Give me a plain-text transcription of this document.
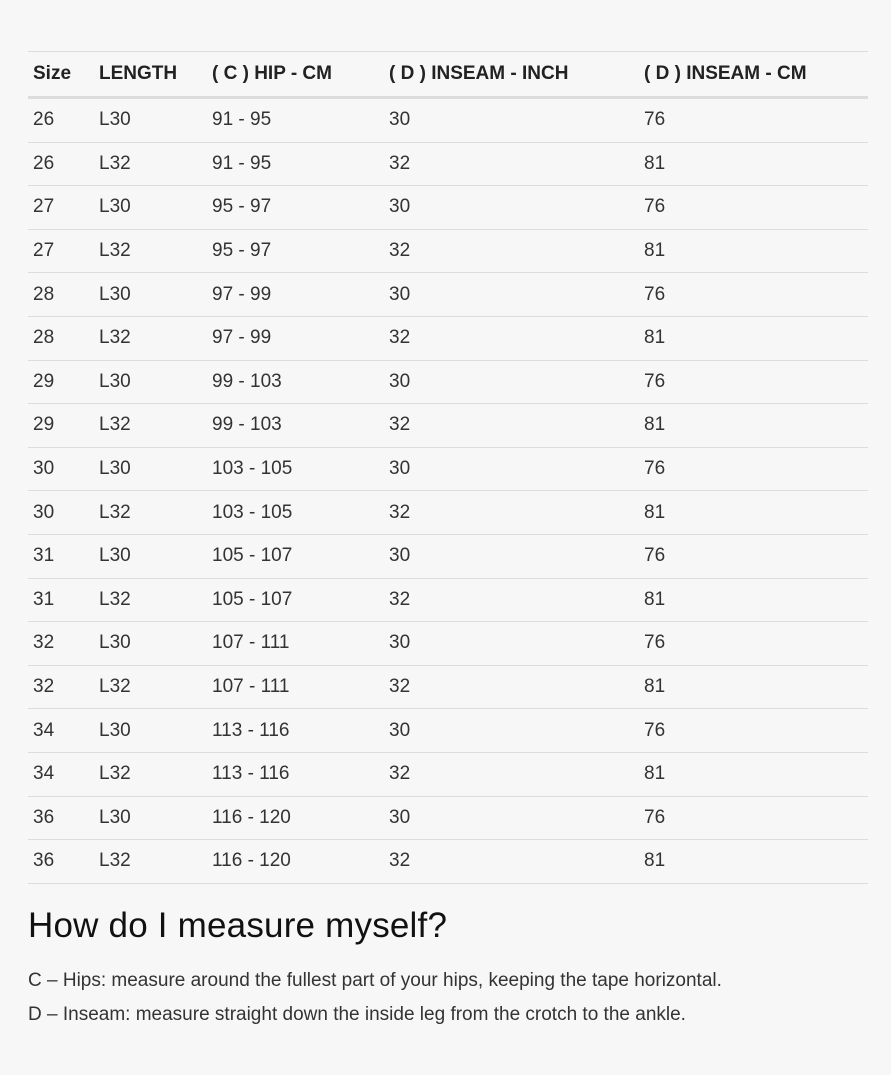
Size	LENGTH	( C ) HIP - CM	( D ) INSEAM - INCH	( D ) INSEAM - CM
26	L30	91 - 95	30	76
26	L32	91 - 95	32	81
27	L30	95 - 97	30	76
27	L32	95 - 97	32	81
28	L30	97 - 99	30	76
28	L32	97 - 99	32	81
29	L30	99 - 103	30	76
29	L32	99 - 103	32	81
30	L30	103 - 105	30	76
30	L32	103 - 105	32	81
31	L30	105 - 107	30	76
31	L32	105 - 107	32	81
32	L30	107 - 111	30	76
32	L32	107 - 111	32	81
34	L30	113 - 116	30	76
34	L32	113 - 116	32	81
36	L30	116 - 120	30	76
36	L32	116 - 120	32	81
How do I measure myself?

C – Hips: measure around the fullest part of your hips, keeping the tape horizontal.

D – Inseam: measure straight down the inside leg from the crotch to the ankle.
